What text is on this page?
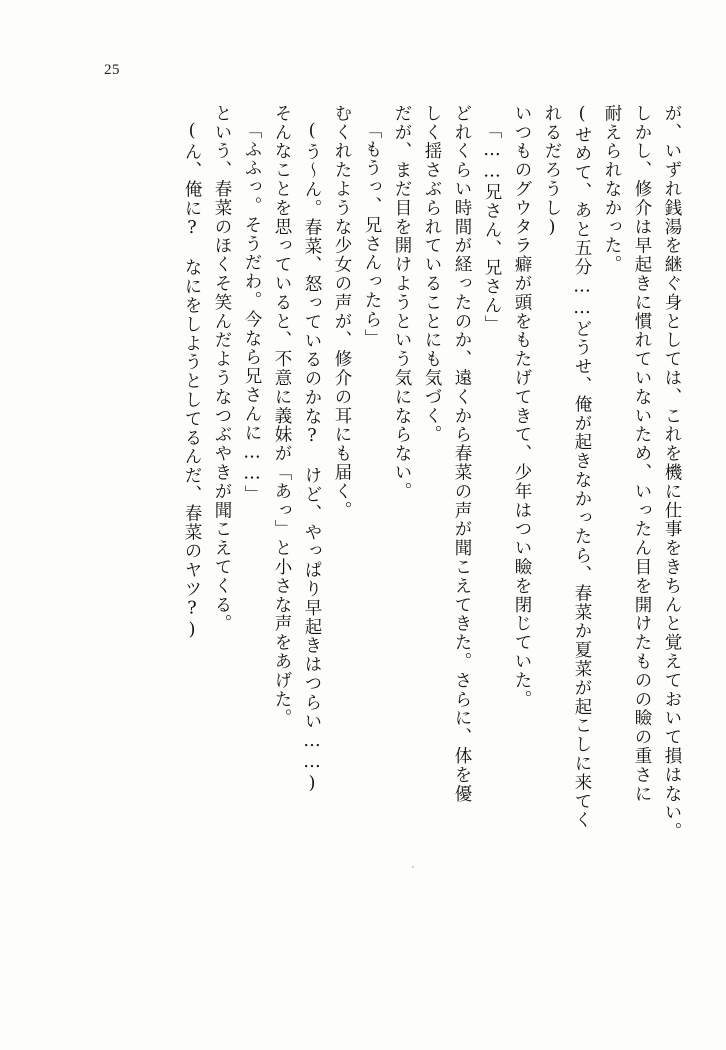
25
が、いずれ銭湯を継ぐ身としては、これを機に仕事をきちんと覚えておいて損はない。
しかし、修介は早起きに慣れていないため、いったん目を開けたものの瞼の重さに
耐えられなかった。
(せめて、あと五分……どうせ、俺が起きなかったら、春菜か夏菜が起こしに来てく
れるだろうし)
いつものグウタラ癖が頭をもたげてきて、少年はつい瞼を閉じていた。
「……兄さん、兄さん」
どれくらい時間が経ったのか、遠くから春菜の声が聞こえてきた。さらに、体を優
しく揺さぶられていることにも気づく。
だが、まだ目を開けようという気にならない。
「もうっ、兄さんったら」
むくれたような少女の声が、修介の耳にも届く。
(う～ん。春菜、怒っているのかな?　けど、やっぱり早起きはつらい……)
そんなことを思っていると、不意に義妹が「あっ」と小さな声をあげた。
「ふふっ。そうだわ。今なら兄さんに……」
という、春菜のほくそ笑んだようなつぶやきが聞こえてくる。
(ん、俺に?　なにをしようとしてるんだ、春菜のヤツ?)
